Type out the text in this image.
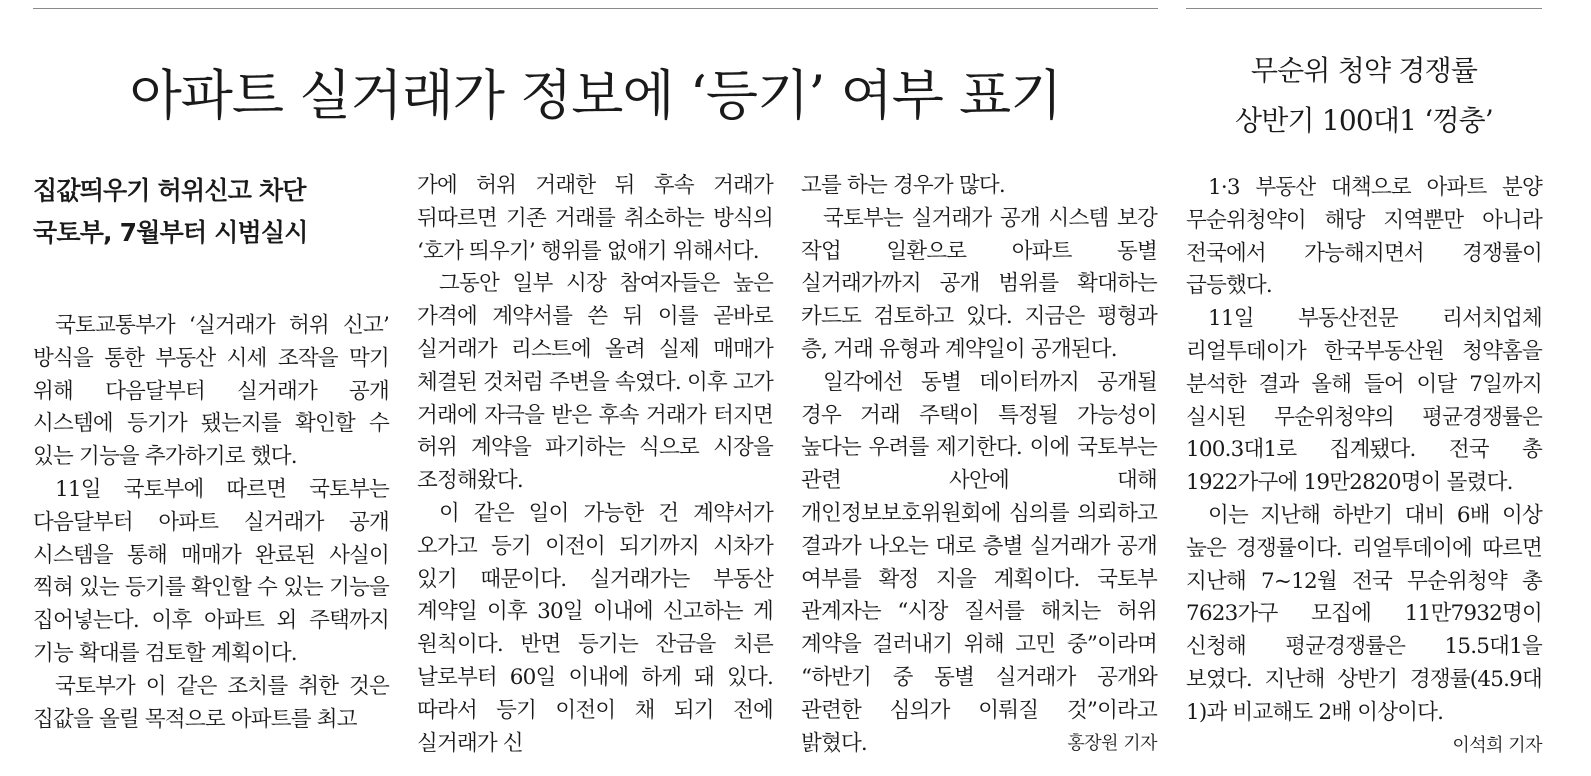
아파트 실거래가 정보에 ‘등기’ 여부 표기	무순위 청약 경쟁률
상반기 100대1 ‘껑충’
집값띄우기 허위신고 차단
국토부, 7월부터 시범실시

국토교통부가 ‘실거래가 허위 신고’ 방식을 통한 부동산 시세 조작을 막기 위해 다음달부터 실거래가 공개 시스템에 등기가 됐는지를 확인할 수 있는 기능을 추가하기로 했다.

11일 국토부에 따르면 국토부는 다음달부터 아파트 실거래가 공개 시스템을 통해 매매가 완료된 사실이 찍혀 있는 등기를 확인할 수 있는 기능을 집어넣는다. 이후 아파트 외 주택까지 기능 확대를 검토할 계획이다.

국토부가 이 같은 조치를 취한 것은 집값을 올릴 목적으로 아파트를 최고

가에 허위 거래한 뒤 후속 거래가 뒤따르면 기존 거래를 취소하는 방식의 ‘호가 띄우기’ 행위를 없애기 위해서다.

그동안 일부 시장 참여자들은 높은 가격에 계약서를 쓴 뒤 이를 곧바로 실거래가 리스트에 올려 실제 매매가 체결된 것처럼 주변을 속였다. 이후 고가 거래에 자극을 받은 후속 거래가 터지면 허위 계약을 파기하는 식으로 시장을 조정해왔다.

이 같은 일이 가능한 건 계약서가 오가고 등기 이전이 되기까지 시차가 있기 때문이다. 실거래가는 부동산 계약일 이후 30일 이내에 신고하는 게 원칙이다. 반면 등기는 잔금을 치른 날로부터 60일 이내에 하게 돼 있다. 따라서 등기 이전이 채 되기 전에 실거래가 신

고를 하는 경우가 많다.

국토부는 실거래가 공개 시스템 보강 작업 일환으로 아파트 동별 실거래가까지 공개 범위를 확대하는 카드도 검토하고 있다. 지금은 평형과 층, 거래 유형과 계약일이 공개된다.

일각에선 동별 데이터까지 공개될 경우 거래 주택이 특정될 가능성이 높다는 우려를 제기한다. 이에 국토부는 관련 사안에 대해 개인정보보호위원회에 심의를 의뢰하고 결과가 나오는 대로 층별 실거래가 공개 여부를 확정 지을 계획이다. 국토부 관계자는 “시장 질서를 해치는 허위 계약을 걸러내기 위해 고민 중”이라며 “하반기 중 동별 실거래가 공개와 관련한 심의가 이뤄질 것”이라고 밝혔다.	홍장원 기자

1·3 부동산 대책으로 아파트 분양 무순위청약이 해당 지역뿐만 아니라 전국에서 가능해지면서 경쟁률이 급등했다.

11일 부동산전문 리서치업체 리얼투데이가 한국부동산원 청약홈을 분석한 결과 올해 들어 이달 7일까지 실시된 무순위청약의 평균경쟁률은 100.3대1로 집계됐다. 전국 총 1922가구에 19만2820명이 몰렸다.

이는 지난해 하반기 대비 6배 이상 높은 경쟁률이다. 리얼투데이에 따르면 지난해 7~12월 전국 무순위청약 총 7623가구 모집에 11만7932명이 신청해 평균경쟁률은 15.5대1을 보였다. 지난해 상반기 경쟁률(45.9대 1)과 비교해도 2배 이상이다.
이석희 기자
